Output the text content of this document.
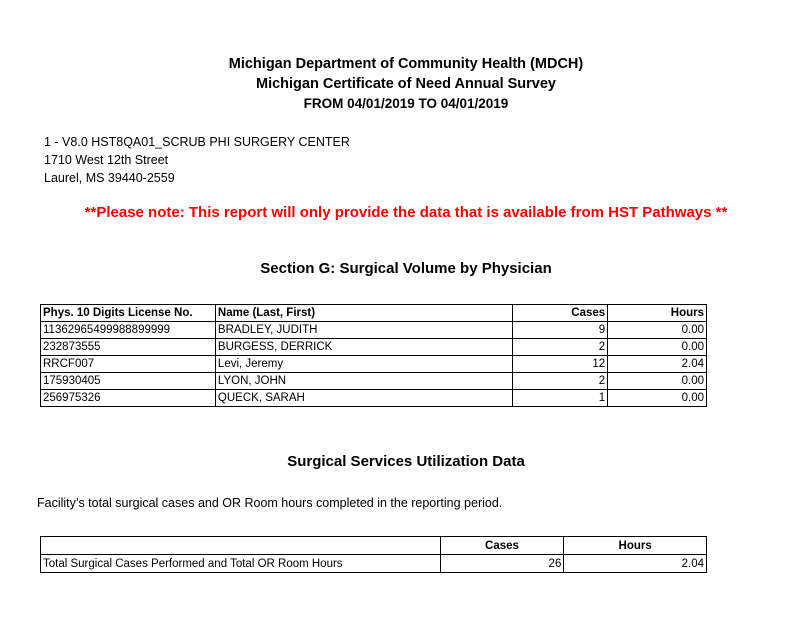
Michigan Department of Community Health (MDCH)
Michigan Certificate of Need Annual Survey
FROM 04/01/2019 TO 04/01/2019
1 - V8.0 HST8QA01_SCRUB PHI SURGERY CENTER
1710 West 12th Street
Laurel, MS 39440-2559
**Please note: This report will only provide the data that is available from HST Pathways **
Section G: Surgical Volume by Physician
Phys. 10 Digits License No.	Name (Last, First)	Cases	Hours
11362965499988899999	BRADLEY, JUDITH	9	0.00
232873555	BURGESS, DERRICK	2	0.00
RRCF007	Levi, Jeremy	12	2.04
175930405	LYON, JOHN	2	0.00
256975326	QUECK, SARAH	1	0.00
Surgical Services Utilization Data
Facility’s total surgical cases and OR Room hours completed in the reporting period.
	Cases	Hours
Total Surgical Cases Performed and Total OR Room Hours	26	2.04
